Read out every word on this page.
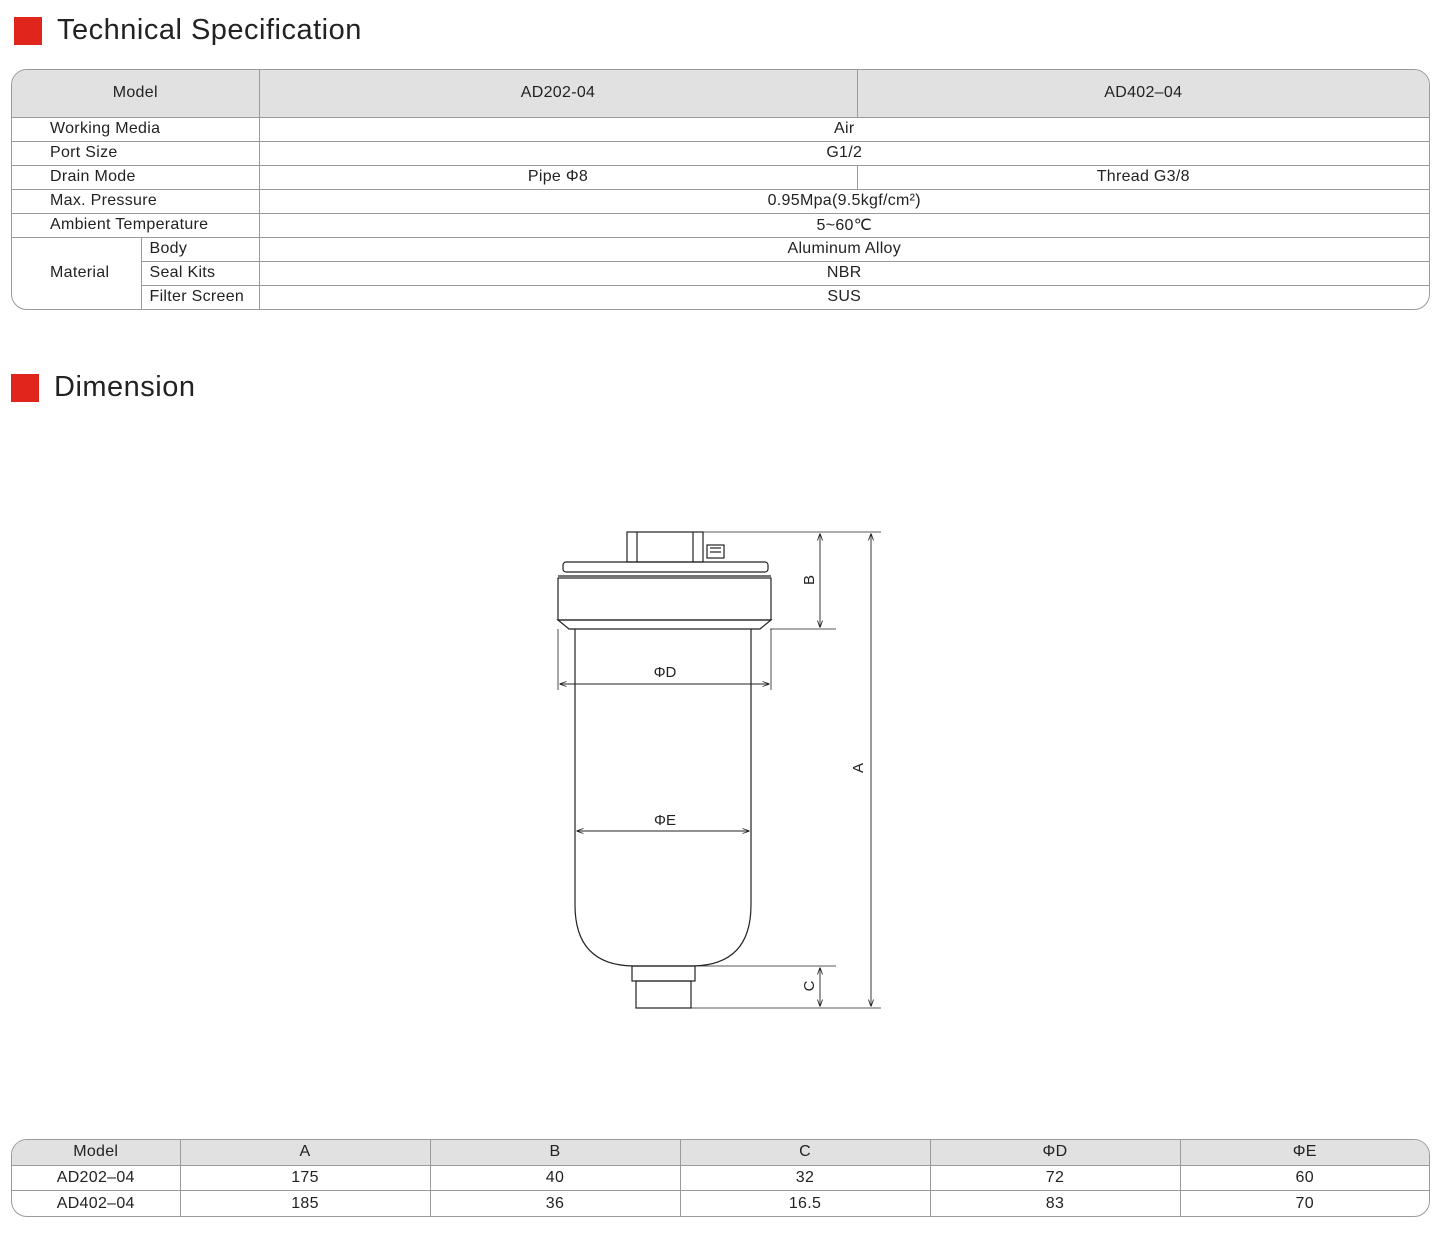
Technical Specification
Model		AD202-04	AD402–04
Working Media		Air	
Port Size		G1/2	
Drain Mode		Pipe Φ8	Thread G3/8
Max. Pressure		0.95Mpa(9.5kgf/cm²)	
Ambient Temperature		5~60℃	
Material	Body	Aluminum Alloy	
	Seal Kits	NBR	
	Filter Screen	SUS	
Dimension
ΦD
ΦE
B
A
C
Model	A	B	C	ΦD	ΦE
AD202–04	175	40	32	72	60
AD402–04	185	36	16.5	83	70
